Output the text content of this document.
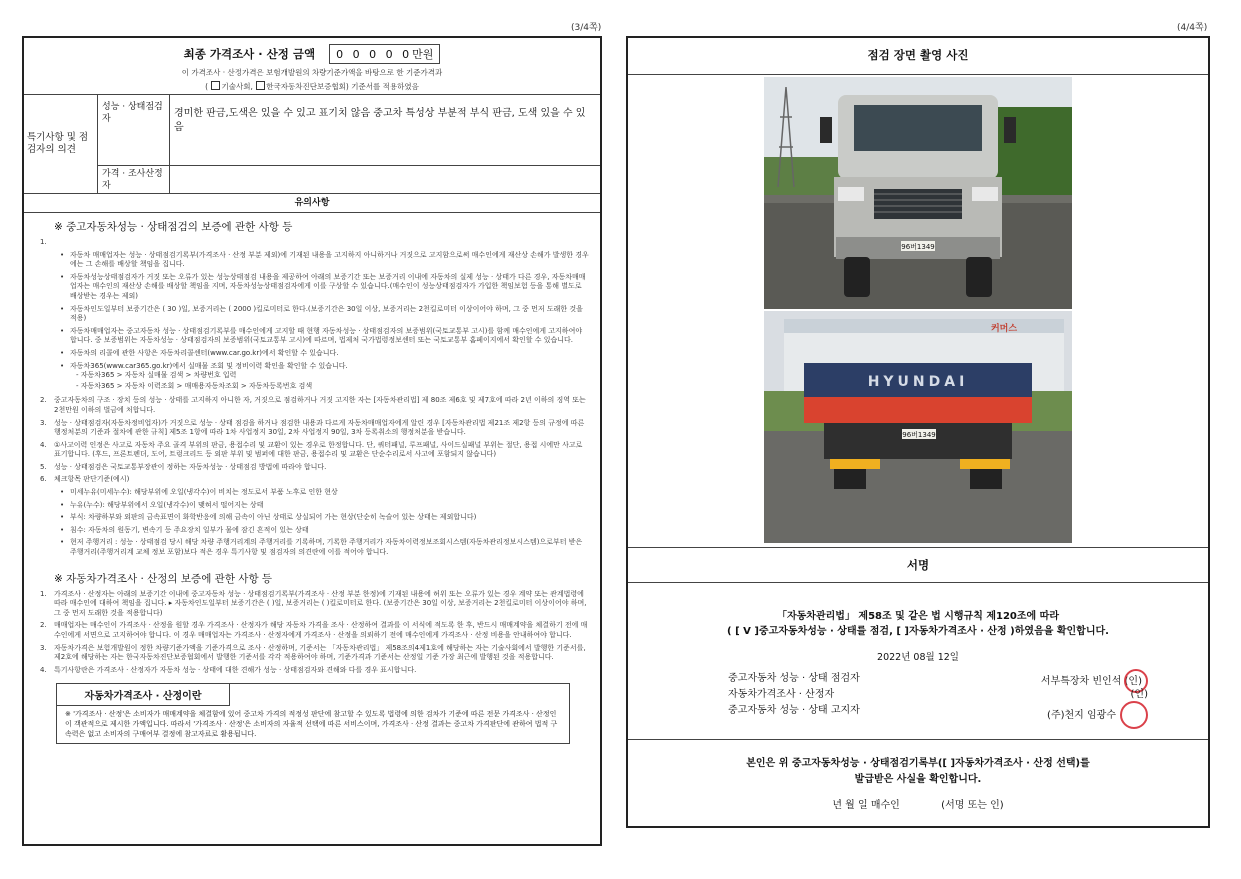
(3/4쪽)	(4/4쪽)
최종 가격조사 · 산정 금액 0 0 0 0 0만원
이 가격조사 · 산정가격은 보험개발원의 차량기준가액을 바탕으로 한 기준가격과
( 기술사회, 한국자동차진단보증협회) 기준서를 적용하였음
특기사항 및 점검자의 의견
성능 · 상태점검자	경미한 판금,도색은 있을 수 있고 표기치 않음 중고차 특성상 부분적 부식 판금, 도색 있을 수 있음
가격 · 조사산정자
유의사항
※ 중고자동차성능 · 상태점검의 보증에 관한 사항 등
1.
• 자동차 매매업자는 성능 · 상태점검기록부(가격조사 · 산정 부분 제외)에 기재된 내용을 고지하지 아니하거나 거짓으로 고지함으로써 매수인에게 재산상 손해가 발생한 경우에는 그 손해를 배상할 책임을 집니다.
• 자동차성능상태점검자가 거짓 또는 오류가 있는 성능상태점검 내용을 제공하여 아래의 보증기간 또는 보증거리 이내에 자동차의 실제 성능 · 상태가 다른 경우, 자동차매매업자는 매수인의 재산상 손해를 배상할 책임을 지며, 자동차성능상태점검자에게 이를 구상할 수 있습니다.(매수인이 성능상태점검자가 가입한 책임보험 등을 통해 별도로 배상받는 경우는 제외)
• 자동차인도일부터 보증기간은 ( 30 )일, 보증거리는 ( 2000 )킬로미터로 한다.(보증기간은 30일 이상, 보증거리는 2천킬로미터 이상이어야 하며, 그 중 먼저 도래한 것을 적용)
• 자동차매매업자는 중고자동차 성능 · 상태점검기록부를 매수인에게 고지할 때 현행 자동차성능 · 상태점검자의 보증범위(국토교통부 고시)를 함께 매수인에게 고지하여야 합니다. 중 보증범위는 자동차성능 · 상태점검자의 보증범위(국토교통부 고시)에 따르며, 법제처 국가법령정보센터 또는 국토교통부 홈페이지에서 확인할 수 있습니다.
• 자동차의 리콜에 관한 사항은 자동차리콜센터(www.car.go.kr)에서 확인할 수 있습니다.
• 자동차365(www.car365.go.kr)에서 실매물 조회 및 정비이력 확인을 확인할 수 있습니다.
- 자동차365 > 자동차 실매물 검색 > 차량번호 입력
- 자동차365 > 자동차 이력조회 > 매매용자동차조회 > 자동차등록번호 검색
2.	중고자동차의 구조 · 장치 등의 성능 · 상태를 고지하지 아니한 자, 거짓으로 점검하거나 거짓 고지한 자는 [자동차관리법] 제 80조 제6호 및 제7호에 따라 2년 이하의 징역 또는 2천만원 이하의 벌금에 처합니다.
3.	성능 · 상태점검자(자동차정비업자)가 거짓으로 성능 · 상태 점검을 하거나 점검한 내용과 다르게 자동차매매업자에게 알린 경우 [자동차관리법 제21조 제2항 등의 규정에 따른 행정처분의 기준과 절차에 관한 규칙] 제5조 1항에 따라 1차 사업정지 30일, 2차 사업정지 90일, 3차 등록취소의 행정처분을 받습니다.
4.	①사고이력 인정은 사고로 자동차 주요 골격 부위의 판금, 용접수리 및 교환이 있는 경우로 한정합니다. 단, 쿼터패널, 루프패널, 사이드실패널 부위는 절단, 용접 시에만 사고로 표기합니다. (후드, 프론트펜더, 도어, 트렁크리드 등 외판 부위 및 범퍼에 대한 판금, 용접수리 및 교환은 단순수리로서 사고에 포함되지 않습니다)
5.	성능 · 상태점검은 국토교통부장관이 정하는 자동차성능 · 상태점검 방법에 따라야 합니다.
6.	체크항목 판단기준(예시)
• 미세누유(미세누수): 해당부위에 오일(냉각수)이 비치는 정도로서 부품 노후로 인한 현상
• 누유(누수): 해당부위에서 오일(냉각수)이 맺혀서 떨어지는 상태
• 부식: 차량하부와 외판의 금속표면이 화학반응에 의해 금속이 아닌 상태로 상실되어 가는 현상(단순히 녹슬어 있는 상태는 제외합니다)
• 침수: 자동차의 원동기, 변속기 등 주요장치 일부가 물에 잠긴 흔적이 있는 상태
• 현저 주행거리 : 성능 · 상태점검 당시 해당 차량 주행거리계의 주행거리를 기록하며, 기록한 주행거리가 자동차이력정보조회시스템(자동차관리정보시스템)으로부터 받은 주행거리(주행거리계 교체 정보 포함)보다 적은 경우 특기사항 및 점검자의 의견란에 이를 적어야 합니다.
※ 자동차가격조사 · 산정의 보증에 관한 사항 등
1.	가격조사 · 산정자는 아래의 보증기간 이내에 중고자동차 성능 · 상태점검기록부(가격조사 · 산정 부분 한정)에 기재된 내용에 허위 또는 오류가 있는 경우 계약 또는 관계법령에 따라 매수인에 대하여 책임을 집니다. ▸ 자동차인도일부터 보증기간은 ( )일, 보증거리는 ( )킬로미터로 한다. (보증기간은 30일 이상, 보증거리는 2천킬로미터 이상이어야 하며, 그 중 먼저 도래한 것을 적용합니다)
2.	매매업자는 매수인이 가격조사 · 산정을 원할 경우 가격조사 · 산정자가 해당 자동차 가격을 조사 · 산정하여 결과를 이 서식에 적도록 한 후, 반드시 매매계약을 체결하기 전에 매수인에게 서면으로 고지하여야 합니다. 이 경우 매매업자는 가격조사 · 산정자에게 가격조사 · 산정을 의뢰하기 전에 매수인에게 가격조사 · 산정 비용을 안내하여야 합니다.
3.	자동차가격은 보험개발원이 정한 차량기준가액을 기준가격으로 조사 · 산정하며, 기준서는 「자동차관리법」 제58조의4제1호에 해당하는 자는 기술사회에서 발행한 기준서를, 제2호에 해당하는 자는 한국자동차진단보증협회에서 발행한 기준서를 각각 적용하여야 하며, 기준가격과 기준서는 산정일 기준 가장 최근에 발행된 것을 적용합니다.
4.	특기사항란은 가격조사 · 산정자가 자동차 성능 · 상태에 대한 견해가 성능 · 상태점검자와 견해와 다를 경우 표시합니다.
자동차가격조사 · 산정이란
※ '가격조사 · 산정'은 소비자가 매매계약을 체결함에 있어 중고차 가격의 적정성 판단에 참고할 수 있도록 법령에 의한 검차가 기준에 따른 전문 가격조사 · 산정인이 객관적으로 제시한 가액입니다. 따라서 '가격조사 · 산정'은 소비자의 자율적 선택에 따른 서비스이며, 가격조사 · 산정 결과는 중고차 가격판단에 관하여 법적 구속력은 없고 소비자의 구매여부 결정에 참고자료로 활용됩니다.
점검 장면 촬영 사진
96버1349
커머스
HYUNDAI
96버1349
서명
「자동차관리법」 제58조 및 같은 법 시행규칙 제120조에 따라
( [ V ]중고자동차성능 · 상태를 점검, [ ]자동차가격조사 · 산정 )하였음을 확인합니다.
2022년 08월 12일
중고자동차 성능 · 상태 점검자	서부특장차 빈인석 (인)
자동차가격조사 · 산정자	(인)
중고자동차 성능 · 상태 고지자	(주)천지 임광수
본인은 위 중고자동차성능 · 상태점검기록부([ ]자동차가격조사 · 산정 선택)를
발급받은 사실을 확인합니다.
년 월 일 매수인	(서명 또는 인)
